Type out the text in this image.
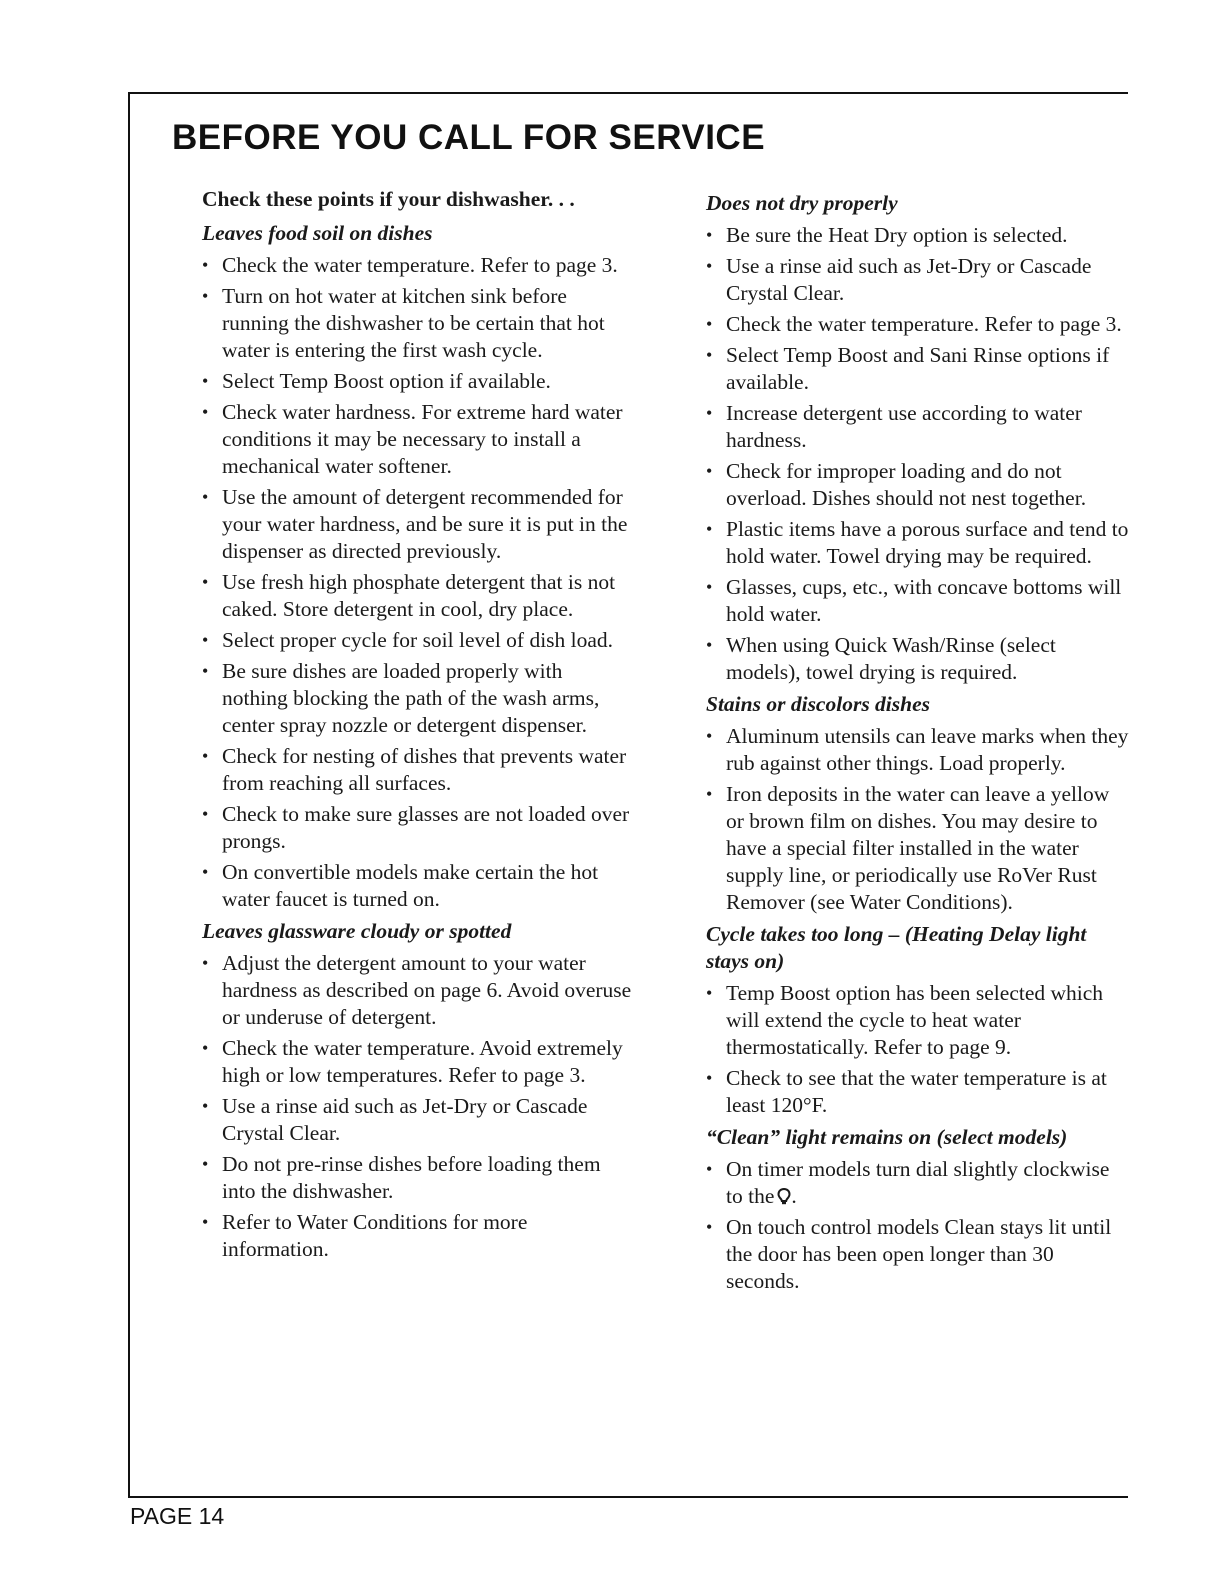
BEFORE YOU CALL FOR SERVICE

Check these points if your dishwasher. . .

Leaves food soil on dishes
• Check the water temperature. Refer to page 3.
• Turn on hot water at kitchen sink before running the dishwasher to be certain that hot water is entering the first wash cycle.
• Select Temp Boost option if available.
• Check water hardness. For extreme hard water conditions it may be necessary to install a mechanical water softener.
• Use the amount of detergent recommended for your water hardness, and be sure it is put in the dispenser as directed previously.
• Use fresh high phosphate detergent that is not caked. Store detergent in cool, dry place.
• Select proper cycle for soil level of dish load.
• Be sure dishes are loaded properly with nothing blocking the path of the wash arms, center spray nozzle or detergent dispenser.
• Check for nesting of dishes that prevents water from reaching all surfaces.
• Check to make sure glasses are not loaded over prongs.
• On convertible models make certain the hot water faucet is turned on.
Leaves glassware cloudy or spotted
• Adjust the detergent amount to your water hardness as described on page 6. Avoid overuse or underuse of detergent.
• Check the water temperature. Avoid extremely high or low temperatures. Refer to page 3.
• Use a rinse aid such as Jet-Dry or Cascade Crystal Clear.
• Do not pre-rinse dishes before loading them into the dishwasher.
• Refer to Water Conditions for more information.
Does not dry properly
• Be sure the Heat Dry option is selected.
• Use a rinse aid such as Jet-Dry or Cascade Crystal Clear.
• Check the water temperature. Refer to page 3.
• Select Temp Boost and Sani Rinse options if available.
• Increase detergent use according to water hardness.
• Check for improper loading and do not overload. Dishes should not nest together.
• Plastic items have a porous surface and tend to hold water. Towel drying may be required.
• Glasses, cups, etc., with concave bottoms will hold water.
• When using Quick Wash/Rinse (select models), towel drying is required.
Stains or discolors dishes
• Aluminum utensils can leave marks when they rub against other things. Load properly.
• Iron deposits in the water can leave a yellow or brown film on dishes. You may desire to have a special filter installed in the water supply line, or periodically use RoVer Rust Remover (see Water Conditions).
Cycle takes too long – (Heating Delay light stays on)
• Temp Boost option has been selected which will extend the cycle to heat water thermostatically. Refer to page 9.
• Check to see that the water temperature is at least 120°F.
“Clean” light remains on (select models)
• On timer models turn dial slightly clockwise to the .
• On touch control models Clean stays lit until the door has been open longer than 30 seconds.

PAGE 14
